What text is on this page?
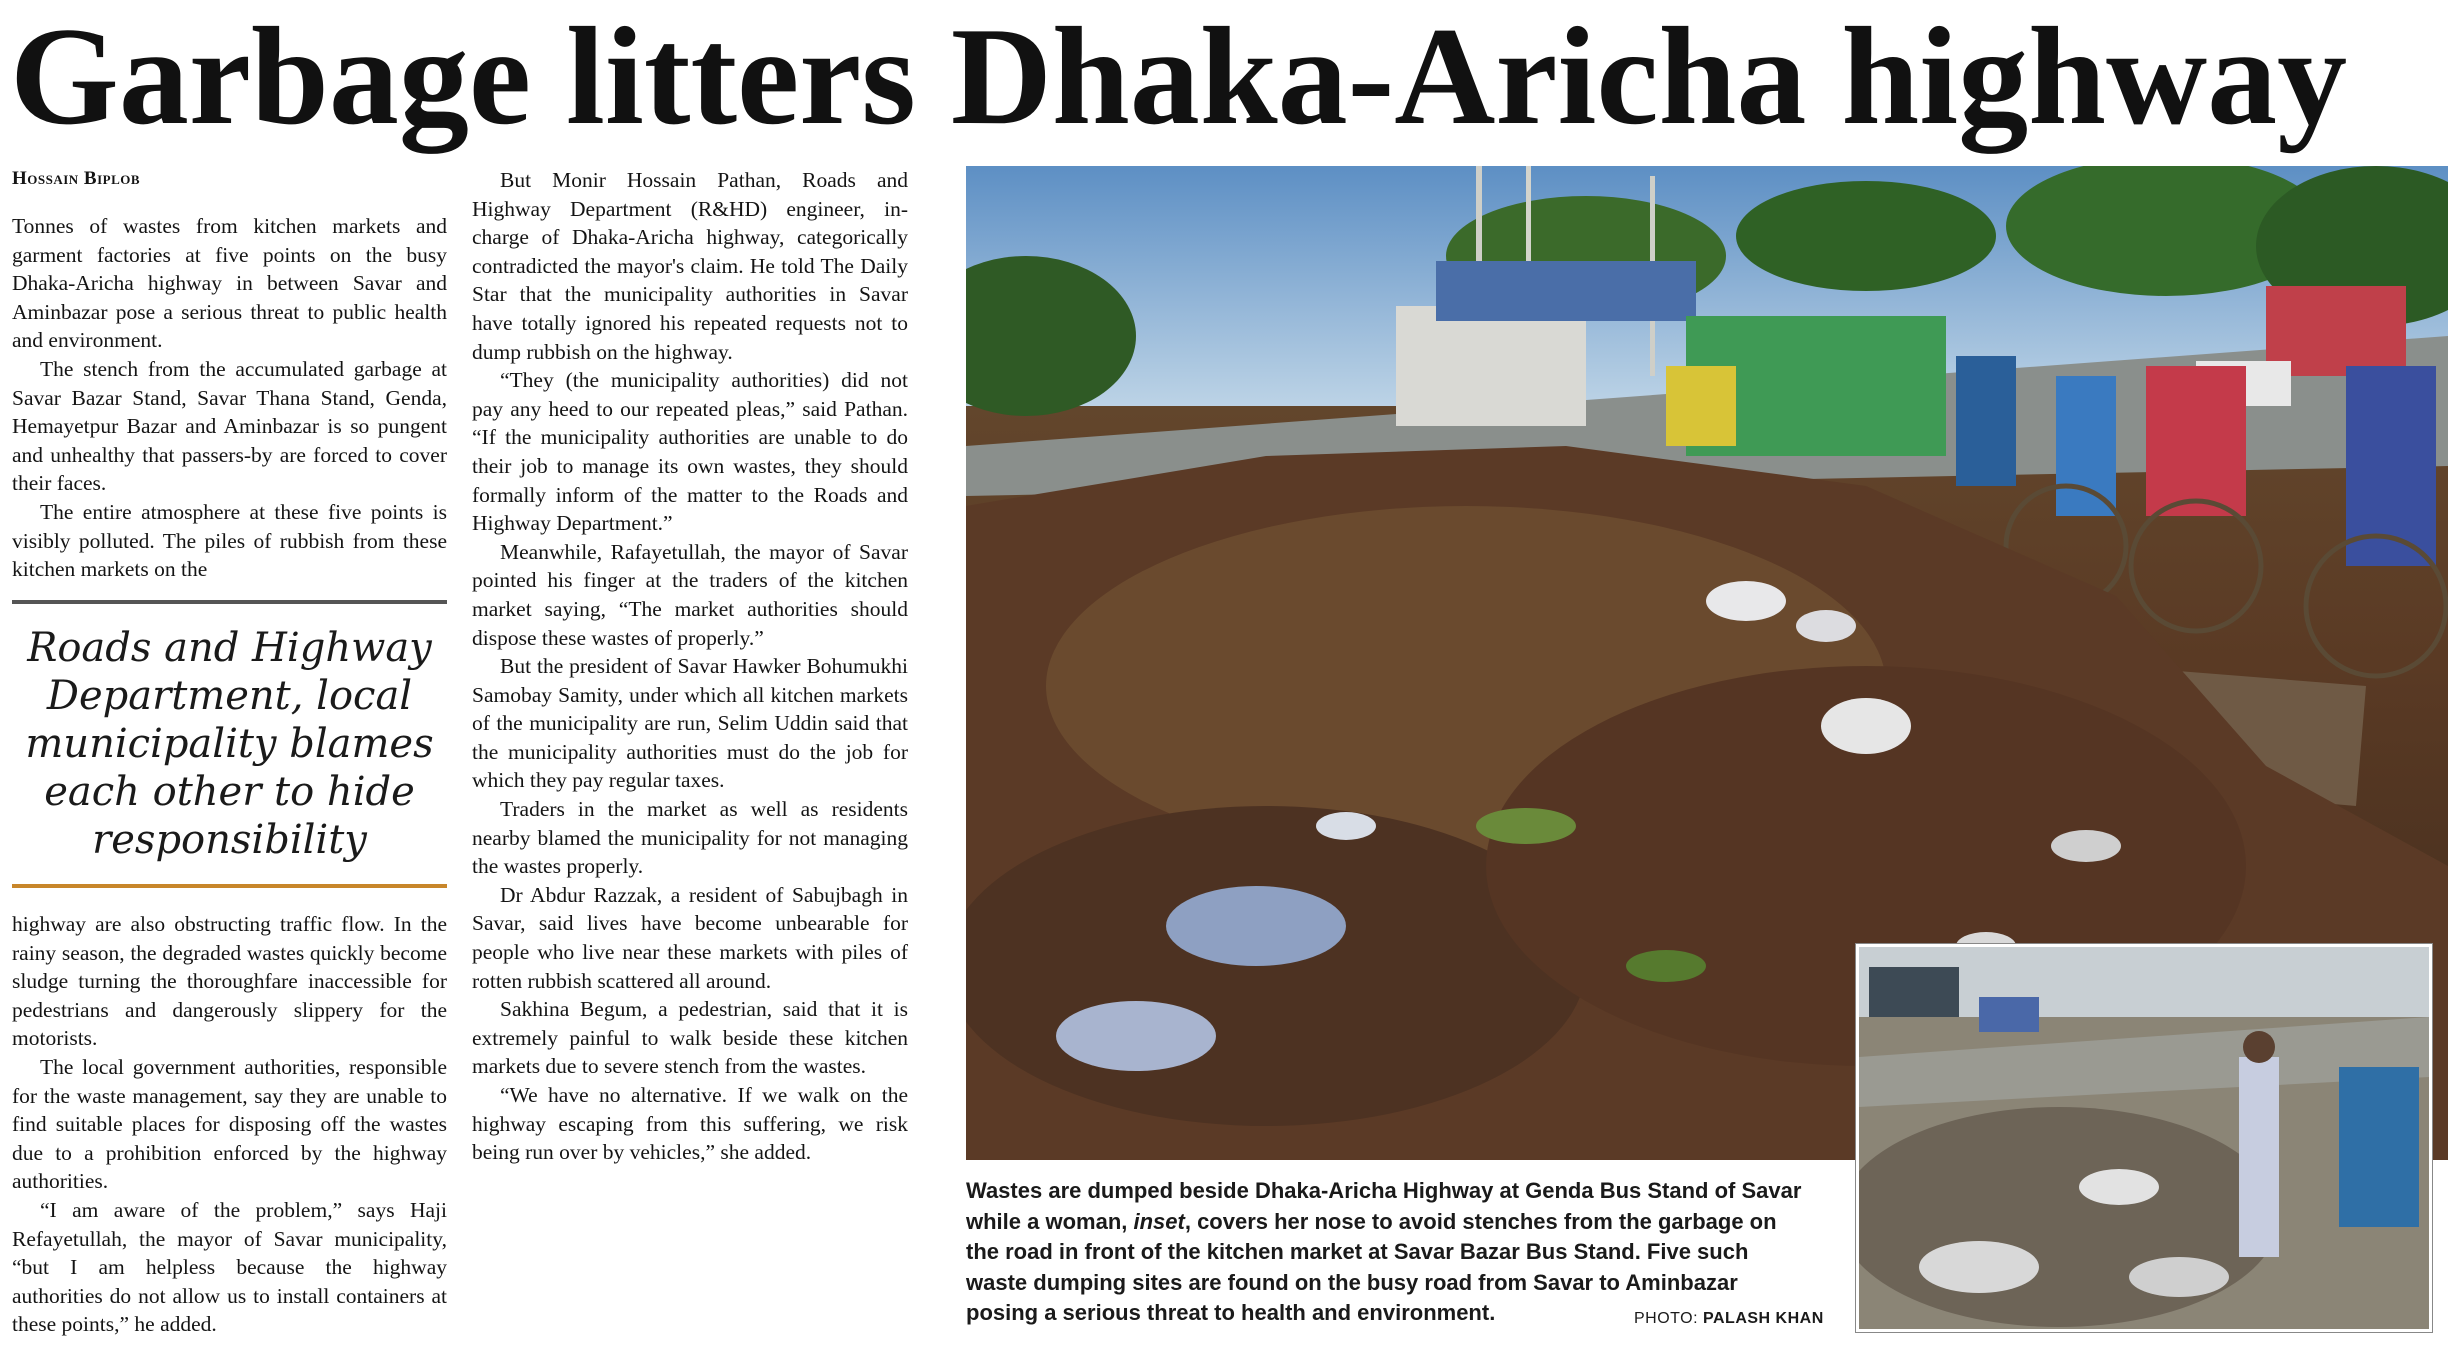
Garbage litters Dhaka-Aricha highway
Hossain Biplob

Tonnes of wastes from kitchen markets and garment factories at five points on the busy Dhaka-Aricha highway in between Savar and Aminbazar pose a serious threat to public health and environment.

The stench from the accumulated garbage at Savar Bazar Stand, Savar Thana Stand, Genda, Hemayetpur Bazar and Aminbazar is so pungent and unhealthy that passers-by are forced to cover their faces.

The entire atmosphere at these five points is visibly polluted. The piles of rubbish from these kitchen markets on the

Roads and Highway Department, local municipality blames each other to hide responsibility

highway are also obstructing traffic flow. In the rainy season, the degraded wastes quickly become sludge turning the thoroughfare inaccessible for pedestrians and dangerously slippery for the motorists.

The local government authorities, responsible for the waste management, say they are unable to find suitable places for disposing off the wastes due to a prohibition enforced by the highway authorities.

“I am aware of the problem,” says Haji Refayetullah, the mayor of Savar municipality, “but I am helpless because the highway authorities do not allow us to install containers at these points,” he added.

But Monir Hossain Pathan, Roads and Highway Department (R&HD) engineer, in-charge of Dhaka-Aricha highway, categorically contradicted the mayor's claim. He told The Daily Star that the municipality authorities in Savar have totally ignored his repeated requests not to dump rubbish on the highway.

“They (the municipality authorities) did not pay any heed to our repeated pleas,” said Pathan. “If the municipality authorities are unable to do their job to manage its own wastes, they should formally inform of the matter to the Roads and Highway Department.”

Meanwhile, Rafayetullah, the mayor of Savar pointed his finger at the traders of the kitchen market saying, “The market authorities should dispose these wastes of properly.”

But the president of Savar Hawker Bohumukhi Samobay Samity, under which all kitchen markets of the municipality are run, Selim Uddin said that the municipality authorities must do the job for which they pay regular taxes.

Traders in the market as well as residents nearby blamed the municipality for not managing the wastes properly.

Dr Abdur Razzak, a resident of Sabujbagh in Savar, said lives have become unbearable for people who live near these markets with piles of rotten rubbish scattered all around.

Sakhina Begum, a pedestrian, said that it is extremely painful to walk beside these kitchen markets due to severe stench from the wastes.

“We have no alternative. If we walk on the highway escaping from this suffering, we risk being run over by vehicles,” she added.

Wastes are dumped beside Dhaka-Aricha Highway at Genda Bus Stand of Savar while a woman, inset, covers her nose to avoid stenches from the garbage on the road in front of the kitchen market at Savar Bazar Bus Stand. Five such waste dumping sites are found on the busy road from Savar to Aminbazar posing a serious threat to health and environment.	PHOTO: PALASH KHAN
